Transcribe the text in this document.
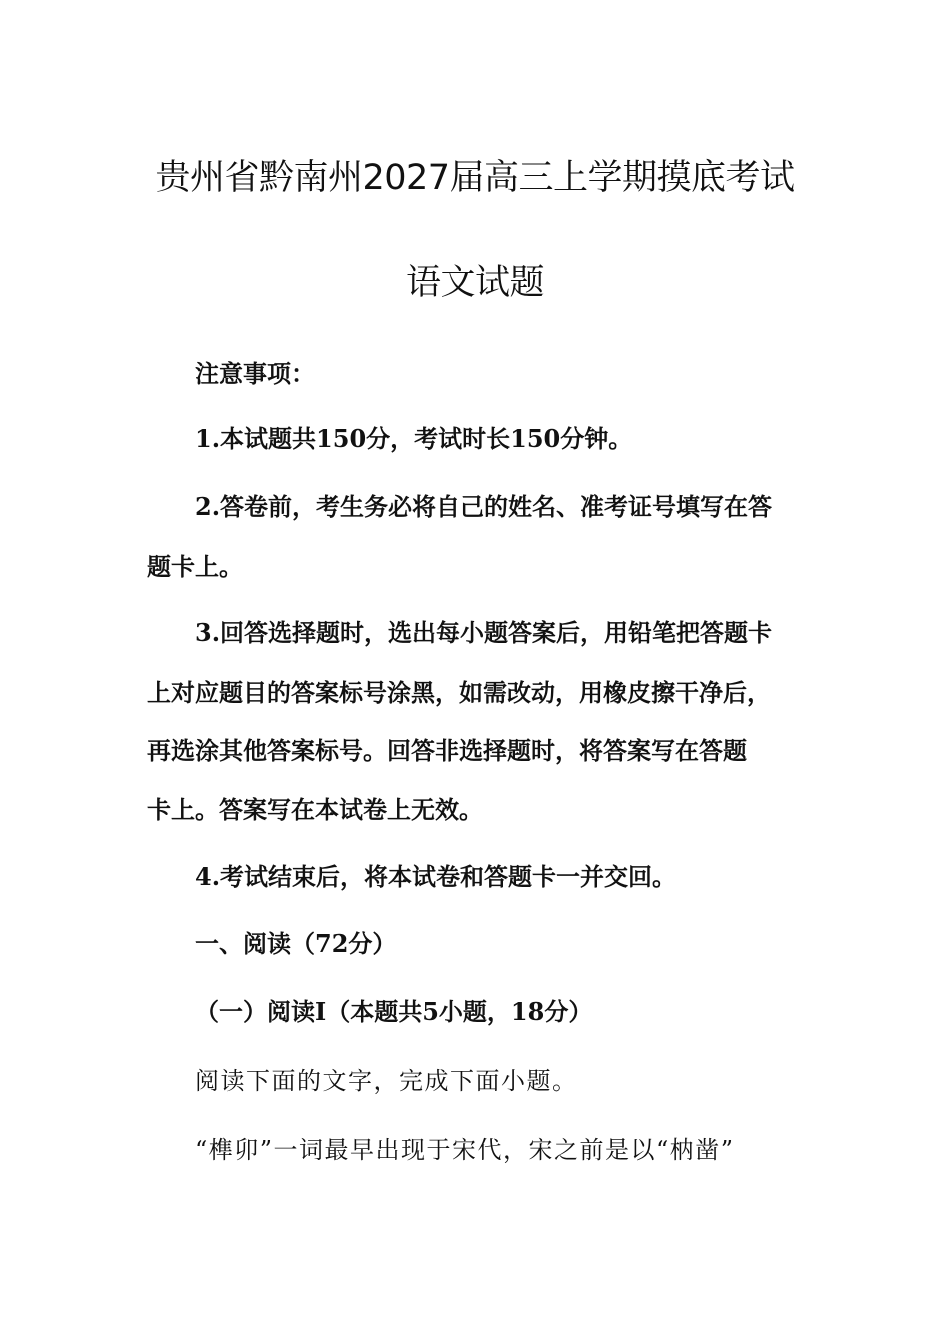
贵州省黔南州2027届高三上学期摸底考试
语文试题

注意事项：

1.本试题共150分，考试时长150分钟。

2.答卷前，考生务必将自己的姓名、准考证号填写在答

题卡上。

3.回答选择题时，选出每小题答案后，用铅笔把答题卡

上对应题目的答案标号涂黑，如需改动，用橡皮擦干净后，

再选涂其他答案标号。回答非选择题时，将答案写在答题

卡上。答案写在本试卷上无效。

4.考试结束后，将本试卷和答题卡一并交回。

一、阅读（72分）

（一）阅读Ⅰ（本题共5小题，18分）

阅读下面的文字，完成下面小题。

“榫卯”一词最早出现于宋代，宋之前是以“枘凿”
